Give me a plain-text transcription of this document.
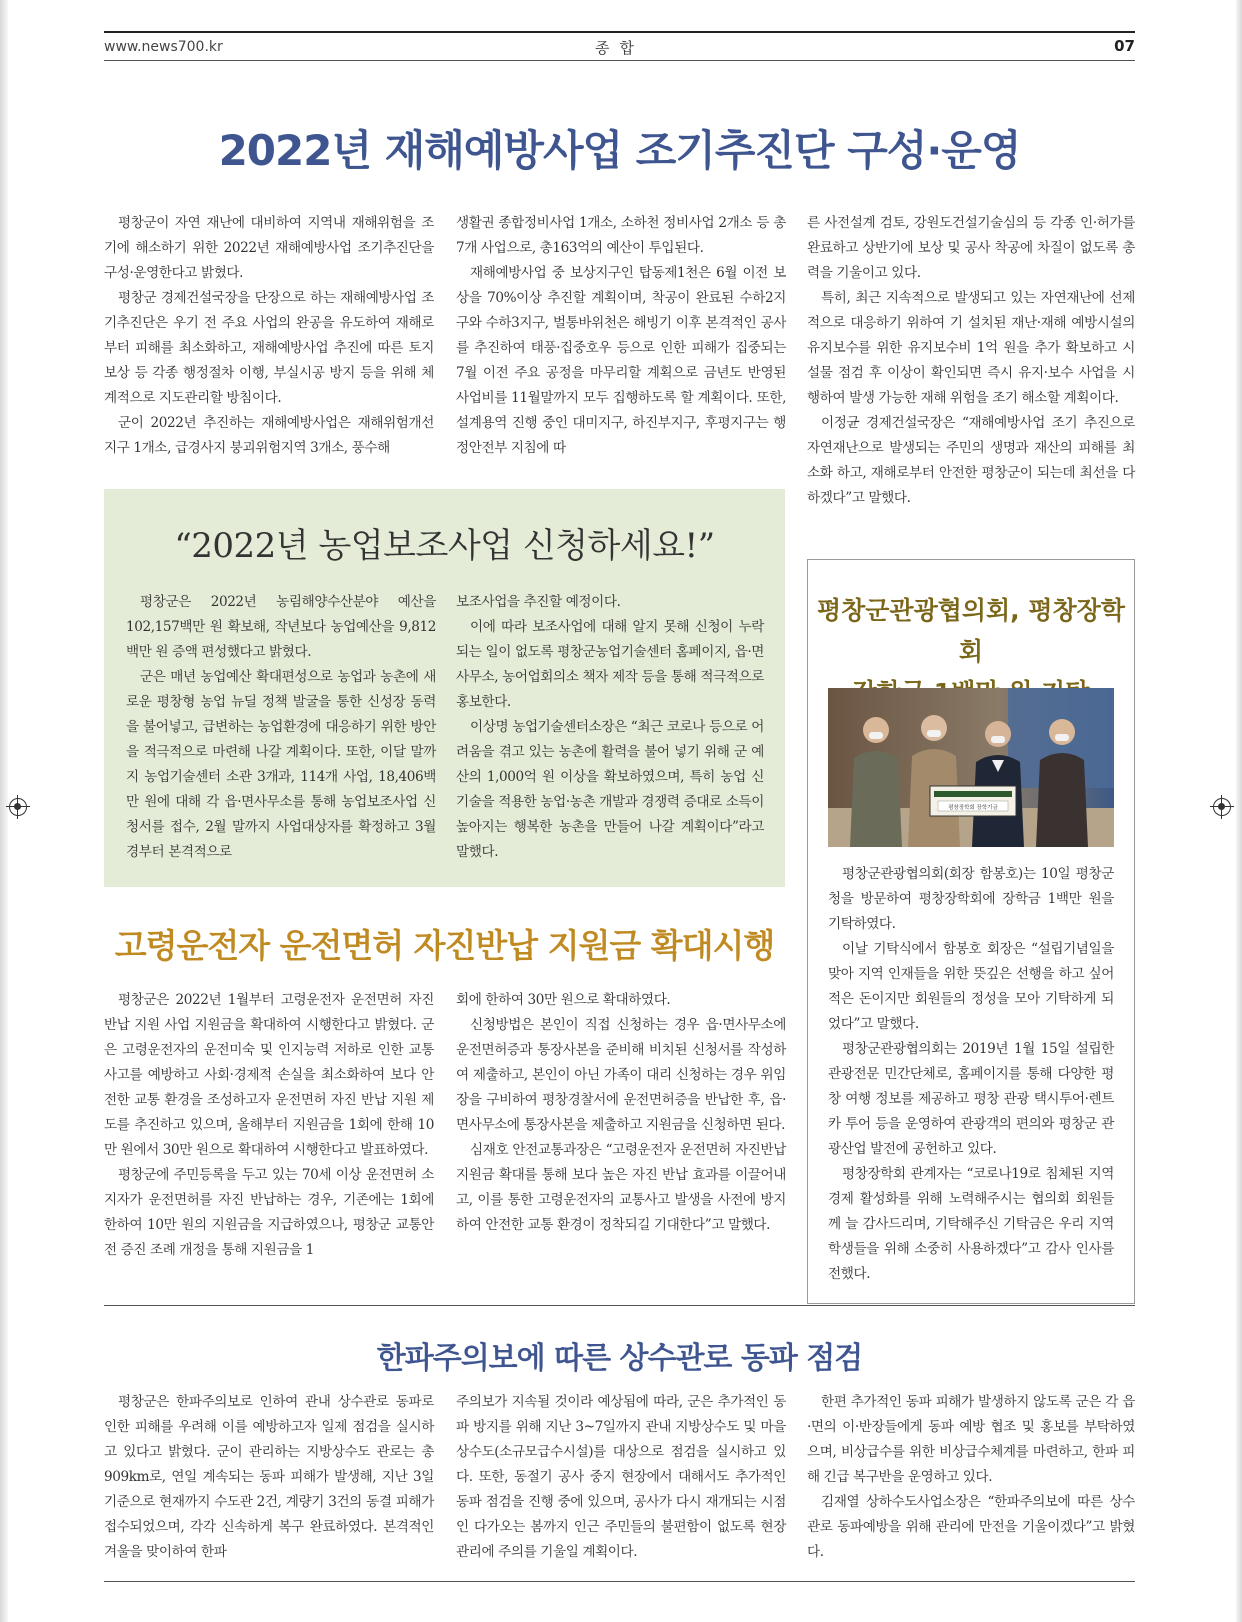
www.news700.kr	종합	07
2022년 재해예방사업 조기추진단 구성·운영

평창군이 자연 재난에 대비하여 지역내 재해위험을 조기에 해소하기 위한 2022년 재해예방사업 조기추진단을 구성·운영한다고 밝혔다.

평창군 경제건설국장을 단장으로 하는 재해예방사업 조기추진단은 우기 전 주요 사업의 완공을 유도하여 재해로부터 피해를 최소화하고, 재해예방사업 추진에 따른 토지보상 등 각종 행정절차 이행, 부실시공 방지 등을 위해 체계적으로 지도관리할 방침이다.

군이 2022년 추진하는 재해예방사업은 재해위험개선지구 1개소, 급경사지 붕괴위험지역 3개소, 풍수해

생활권 종합정비사업 1개소, 소하천 정비사업 2개소 등 총 7개 사업으로, 총163억의 예산이 투입된다.

재해예방사업 중 보상지구인 탑동제1천은 6월 이전 보상을 70%이상 추진할 계획이며, 착공이 완료된 수하2지구와 수하3지구, 벌통바위천은 해빙기 이후 본격적인 공사를 추진하여 태풍·집중호우 등으로 인한 피해가 집중되는 7월 이전 주요 공정을 마무리할 계획으로 금년도 반영된 사업비를 11월말까지 모두 집행하도록 할 계획이다. 또한, 설계용역 진행 중인 대미지구, 하진부지구, 후평지구는 행정안전부 지침에 따

른 사전설계 검토, 강원도건설기술심의 등 각종 인·허가를 완료하고 상반기에 보상 및 공사 착공에 차질이 없도록 총력을 기울이고 있다.

특히, 최근 지속적으로 발생되고 있는 자연재난에 선제적으로 대응하기 위하여 기 설치된 재난·재해 예방시설의 유지보수를 위한 유지보수비 1억 원을 추가 확보하고 시설물 점검 후 이상이 확인되면 즉시 유지·보수 사업을 시행하여 발생 가능한 재해 위험을 조기 해소할 계획이다.

이정균 경제건설국장은 “재해예방사업 조기 추진으로 자연재난으로 발생되는 주민의 생명과 재산의 피해를 최소화 하고, 재해로부터 안전한 평창군이 되는데 최선을 다하겠다”고 말했다.

“2022년 농업보조사업 신청하세요!”

평창군은 2022년 농림해양수산분야 예산을 102,157백만 원 확보해, 작년보다 농업예산을 9,812백만 원 증액 편성했다고 밝혔다.

군은 매년 농업예산 확대편성으로 농업과 농촌에 새로운 평창형 농업 뉴딜 정책 발굴을 통한 신성장 동력을 불어넣고, 급변하는 농업환경에 대응하기 위한 방안을 적극적으로 마련해 나갈 계획이다. 또한, 이달 말까지 농업기술센터 소관 3개과, 114개 사업, 18,406백만 원에 대해 각 읍·면사무소를 통해 농업보조사업 신청서를 접수, 2월 말까지 사업대상자를 확정하고 3월경부터 본격적으로

보조사업을 추진할 예정이다.

이에 따라 보조사업에 대해 알지 못해 신청이 누락되는 일이 없도록 평창군농업기술센터 홈페이지, 읍·면사무소, 농어업회의소 책자 제작 등을 통해 적극적으로 홍보한다.

이상명 농업기술센터소장은 “최근 코로나 등으로 어려움을 겪고 있는 농촌에 활력을 불어 넣기 위해 군 예산의 1,000억 원 이상을 확보하였으며, 특히 농업 신기술을 적용한 농업·농촌 개발과 경쟁력 증대로 소득이 높아지는 행복한 농촌을 만들어 나갈 계획이다”라고 말했다.

평창군관광협의회, 평창장학회
평창장학회 장학기금

평창군관광협의회(회장 함봉호)는 10일 평창군청을 방문하여 평창장학회에 장학금 1백만 원을 기탁하였다.

이날 기탁식에서 함봉호 회장은 “설립기념일을 맞아 지역 인재들을 위한 뜻깊은 선행을 하고 싶어 적은 돈이지만 회원들의 정성을 모아 기탁하게 되었다”고 말했다.

평창군관광협의회는 2019년 1월 15일 설립한 관광전문 민간단체로, 홈페이지를 통해 다양한 평창 여행 정보를 제공하고 평창 관광 택시투어·렌트카 투어 등을 운영하여 관광객의 편의와 평창군 관광산업 발전에 공헌하고 있다.

평창장학회 관계자는 “코로나19로 침체된 지역경제 활성화를 위해 노력해주시는 협의회 회원들께 늘 감사드리며, 기탁해주신 기탁금은 우리 지역 학생들을 위해 소중히 사용하겠다”고 감사 인사를 전했다.

고령운전자 운전면허 자진반납 지원금 확대시행

평창군은 2022년 1월부터 고령운전자 운전면허 자진 반납 지원 사업 지원금을 확대하여 시행한다고 밝혔다. 군은 고령운전자의 운전미숙 및 인지능력 저하로 인한 교통사고를 예방하고 사회·경제적 손실을 최소화하여 보다 안전한 교통 환경을 조성하고자 운전면허 자진 반납 지원 제도를 추진하고 있으며, 올해부터 지원금을 1회에 한해 10만 원에서 30만 원으로 확대하여 시행한다고 발표하였다.

평창군에 주민등록을 두고 있는 70세 이상 운전면허 소지자가 운전면허를 자진 반납하는 경우, 기존에는 1회에 한하여 10만 원의 지원금을 지급하였으나, 평창군 교통안전 증진 조례 개정을 통해 지원금을 1

회에 한하여 30만 원으로 확대하였다.

신청방법은 본인이 직접 신청하는 경우 읍·면사무소에 운전면허증과 통장사본을 준비해 비치된 신청서를 작성하여 제출하고, 본인이 아닌 가족이 대리 신청하는 경우 위임장을 구비하여 평창경찰서에 운전면허증을 반납한 후, 읍·면사무소에 통장사본을 제출하고 지원금을 신청하면 된다.

심재호 안전교통과장은 “고령운전자 운전면허 자진반납 지원금 확대를 통해 보다 높은 자진 반납 효과를 이끌어내고, 이를 통한 고령운전자의 교통사고 발생을 사전에 방지하여 안전한 교통 환경이 정착되길 기대한다”고 말했다.

한파주의보에 따른 상수관로 동파 점검

평창군은 한파주의보로 인하여 관내 상수관로 동파로 인한 피해를 우려해 이를 예방하고자 일제 점검을 실시하고 있다고 밝혔다. 군이 관리하는 지방상수도 관로는 총 909km로, 연일 계속되는 동파 피해가 발생해, 지난 3일 기준으로 현재까지 수도관 2건, 계량기 3건의 동결 피해가 접수되었으며, 각각 신속하게 복구 완료하였다. 본격적인 겨울을 맞이하여 한파

주의보가 지속될 것이라 예상됨에 따라, 군은 추가적인 동파 방지를 위해 지난 3~7일까지 관내 지방상수도 및 마을상수도(소규모급수시설)를 대상으로 점검을 실시하고 있다. 또한, 동절기 공사 중지 현장에서 대해서도 추가적인 동파 점검을 진행 중에 있으며, 공사가 다시 재개되는 시점인 다가오는 봄까지 인근 주민들의 불편함이 없도록 현장관리에 주의를 기울일 계획이다.

한편 추가적인 동파 피해가 발생하지 않도록 군은 각 읍·면의 이·반장들에게 동파 예방 협조 및 홍보를 부탁하였으며, 비상급수를 위한 비상급수체계를 마련하고, 한파 피해 긴급 복구반을 운영하고 있다.

김재열 상하수도사업소장은 “한파주의보에 따른 상수관로 동파예방을 위해 관리에 만전을 기울이겠다”고 밝혔다.
